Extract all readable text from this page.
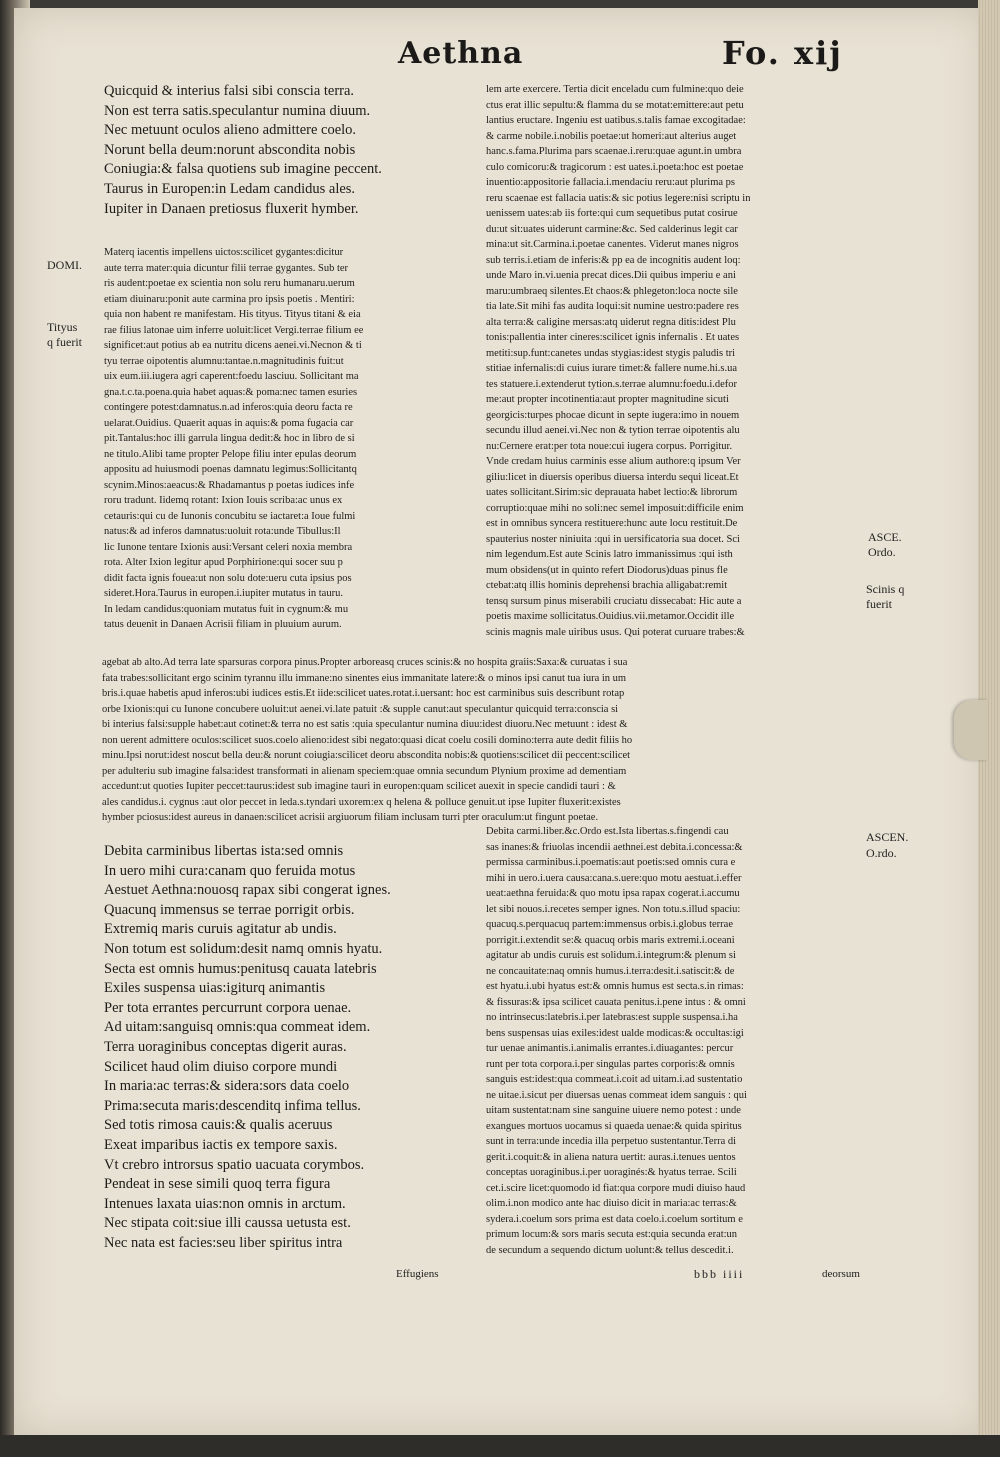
Aethna	Fo. xij
Quicquid & interius falsi sibi conscia terra.
Non est terra satis.speculantur numina diuum.
Nec metuunt oculos alieno admittere coelo.
Norunt bella deum:norunt abscondita nobis
Coniugia:& falsa quotiens sub imagine peccent.
Taurus in Europen:in Ledam candidus ales.
Iupiter in Danaen pretiosus fluxerit hymber.
Materq iacentis impellens uictos:scilicet gygantes:dicitur
aute terra mater:quia dicuntur filii terrae gygantes. Sub ter
ris audent:poetae ex scientia non solu reru humanaru.uerum
etiam diuinaru:ponit aute carmina pro ipsis poetis . Mentiri:
quia non habent re manifestam. His tityus. Tityus titani & eia
rae filius latonae uim inferre uoluit:licet Vergi.terrae filium ee
significet:aut potius ab ea nutritu dicens aenei.vi.Necnon & ti
tyu terrae oipotentis alumnu:tantae.n.magnitudinis fuit:ut
uix eum.iii.iugera agri caperent:foedu lasciuu. Sollicitant ma
gna.t.c.ta.poena.quia habet aquas:& poma:nec tamen esuries
contingere potest:damnatus.n.ad inferos:quia deoru facta re
uelarat.Ouidius. Quaerit aquas in aquis:& poma fugacia car
pit.Tantalus:hoc illi garrula lingua dedit:& hoc in libro de si
ne titulo.Alibi tame propter Pelope filiu inter epulas deorum
appositu ad huiusmodi poenas damnatu legimus:Sollicitantq
scynim.Minos:aeacus:& Rhadamantus p poetas iudices infe
roru tradunt. Iidemq rotant: Ixion Iouis scriba:ac unus ex
cetauris:qui cu de Iunonis concubitu se iactaret:a Ioue fulmi
natus:& ad inferos damnatus:uoluit rota:unde Tibullus:Il
lic Iunone tentare Ixionis ausi:Versant celeri noxia membra
rota. Alter Ixion legitur apud Porphirione:qui socer suu p
didit facta ignis fouea:ut non solu dote:ueru cuta ipsius pos
sideret.Hora.Taurus in europen.i.iupiter mutatus in tauru.
In ledam candidus:quoniam mutatus fuit in cygnum:& mu
tatus deuenit in Danaen Acrisii filiam in pluuium aurum.
lem arte exercere. Tertia dicit enceladu cum fulmine:quo deie
ctus erat illic sepultu:& flamma du se motat:emittere:aut petu
lantius eructare. Ingeniu est uatibus.s.talis famae excogitadae:
& carme nobile.i.nobilis poetae:ut homeri:aut alterius auget
hanc.s.fama.Plurima pars scaenae.i.reru:quae agunt.in umbra
culo comicoru:& tragicorum : est uates.i.poeta:hoc est poetae
inuentio:appositorie fallacia.i.mendaciu reru:aut plurima ps
reru scaenae est fallacia uatis:& sic potius legere:nisi scriptu in
uenissem uates:ab iis forte:qui cum sequetibus putat cosirue
du:ut sit:uates uiderunt carmine:&c. Sed calderinus legit car
mina:ut sit.Carmina.i.poetae canentes. Viderut manes nigros
sub terris.i.etiam de inferis:& pp ea de incognitis audent loq:
unde Maro in.vi.uenia precat dices.Dii quibus imperiu e ani
maru:umbraeq silentes.Et chaos:& phlegeton:loca nocte sile
tia late.Sit mihi fas audita loqui:sit numine uestro:padere res
alta terra:& caligine mersas:atq uiderut regna ditis:idest Plu
tonis:pallentia inter cineres:scilicet ignis infernalis . Et uates
metiti:sup.funt:canetes undas stygias:idest stygis paludis tri
stitiae infernalis:di cuius iurare timet:& fallere nume.hi.s.ua
tes statuere.i.extenderut tytion.s.terrae alumnu:foedu.i.defor
me:aut propter incotinentia:aut propter magnitudine sicuti
georgicis:turpes phocae dicunt in septe iugera:imo in nouem
secundu illud aenei.vi.Nec non & tytion terrae oipotentis alu
nu:Cernere erat:per tota noue:cui iugera corpus. Porrigitur.
Vnde credam huius carminis esse alium authore:q ipsum Ver
giliu:licet in diuersis operibus diuersa interdu sequi liceat.Et
uates sollicitant.Sirim:sic deprauata habet lectio:& librorum
corruptio:quae mihi no soli:nec semel imposuit:difficile enim
est in omnibus syncera restituere:hunc aute locu restituit.De
spauterius noster niniuita :qui in uersificatoria sua docet. Sci
nim legendum.Est aute Scinis latro immanissimus :qui isth
mum obsidens(ut in quinto refert Diodorus)duas pinus fle
ctebat:atq illis hominis deprehensi brachia alligabat:remit
tensq sursum pinus miserabili cruciatu dissecabat: Hic aute a
poetis maxime sollicitatus.Ouidius.vii.metamor.Occidit ille
scinis magnis male uiribus usus. Qui poterat curuare trabes:&
agebat ab alto.Ad terra late sparsuras corpora pinus.Propter arboreasq cruces scinis:& no hospita graiis:Saxa:& curuatas i sua
fata trabes:sollicitant ergo scinim tyrannu illu immane:no sinentes eius immanitate latere:& o minos ipsi canut tua iura in um
bris.i.quae habetis apud inferos:ubi iudices estis.Et iide:scilicet uates.rotat.i.uersant: hoc est carminibus suis describunt rotap
orbe Ixionis:qui cu Iunone concubere uoluit:ut aenei.vi.late patuit :& supple canut:aut speculantur quicquid terra:conscia si
bi interius falsi:supple habet:aut cotinet:& terra no est satis :quia speculantur numina diuu:idest diuoru.Nec metuunt : idest &
non uerent admittere oculos:scilicet suos.coelo alieno:idest sibi negato:quasi dicat coelu cosili domino:terra aute dedit filiis ho
minu.Ipsi norut:idest noscut bella deu:& norunt coiugia:scilicet deoru abscondita nobis:& quotiens:scilicet dii peccent:scilicet
per adulteriu sub imagine falsa:idest transformati in alienam speciem:quae omnia secundum Plynium proxime ad dementiam
accedunt:ut quoties Iupiter peccet:taurus:idest sub imagine tauri in europen:quam scilicet auexit in specie candidi tauri : &
ales candidus.i. cygnus :aut olor peccet in leda.s.tyndari uxorem:ex q helena & polluce genuit.ut ipse Iupiter fluxerit:existes
hymber pciosus:idest aureus in danaen:scilicet acrisii argiuorum filiam inclusam turri pter oraculum:ut fingunt poetae.
Debita carminibus libertas ista:sed omnis
In uero mihi cura:canam quo feruida motus
Aestuet Aethna:nouosq rapax sibi congerat ignes.
Quacunq immensus se terrae porrigit orbis.
Extremiq maris curuis agitatur ab undis.
Non totum est solidum:desit namq omnis hyatu.
Secta est omnis humus:penitusq cauata latebris
Exiles suspensa uias:igiturq animantis
Per tota errantes percurrunt corpora uenae.
Ad uitam:sanguisq omnis:qua commeat idem.
Terra uoraginibus conceptas digerit auras.
Scilicet haud olim diuiso corpore mundi
In maria:ac terras:& sidera:sors data coelo
Prima:secuta maris:descenditq infima tellus.
Sed totis rimosa cauis:& qualis aceruus
Exeat imparibus iactis ex tempore saxis.
Vt crebro introrsus spatio uacuata corymbos.
Pendeat in sese simili quoq terra figura
Intenues laxata uias:non omnis in arctum.
Nec stipata coit:siue illi caussa uetusta est.
Nec nata est facies:seu liber spiritus intra
Debita carmi.liber.&c.Ordo est.Ista libertas.s.fingendi cau
sas inanes:& friuolas incendii aethnei.est debita.i.concessa:&
permissa carminibus.i.poematis:aut poetis:sed omnis cura e
mihi in uero.i.uera causa:cana.s.uere:quo motu aestuat.i.effer
ueat:aethna feruida:& quo motu ipsa rapax cogerat.i.accumu
let sibi nouos.i.recetes semper ignes. Non totu.s.illud spaciu:
quacuq.s.perquacuq partem:immensus orbis.i.globus terrae
porrigit.i.extendit se:& quacuq orbis maris extremi.i.oceani
agitatur ab undis curuis est solidum.i.integrum:& plenum si
ne concauitate:naq omnis humus.i.terra:desit.i.satiscit:& de
est hyatu.i.ubi hyatus est:& omnis humus est secta.s.in rimas:
& fissuras:& ipsa scilicet cauata penitus.i.pene intus : & omni
no intrinsecus:latebris.i.per latebras:est supple suspensa.i.ha
bens suspensas uias exiles:idest ualde modicas:& occultas:igi
tur uenae animantis.i.animalis errantes.i.diuagantes: percur
runt per tota corpora.i.per singulas partes corporis:& omnis
sanguis est:idest:qua commeat.i.coit ad uitam.i.ad sustentatio
ne uitae.i.sicut per diuersas uenas commeat idem sanguis : qui
uitam sustentat:nam sine sanguine uiuere nemo potest : unde
exangues mortuos uocamus si quaeda uenae:& quida spiritus
sunt in terra:unde incedia illa perpetuo sustentantur.Terra di
gerit.i.coquit:& in aliena natura uertit: auras.i.tenues uentos
conceptas uoraginibus.i.per uoraginés:& hyatus terrae. Scili
cet.i.scire licet:quomodo id fiat:qua corpore mudi diuiso haud
olim.i.non modico ante hac diuiso dicit in maria:ac terras:&
sydera.i.coelum sors prima est data coelo.i.coelum sortitum e
primum locum:& sors maris secuta est:quia secunda erat:un
de secundum a sequendo dictum uolunt:& tellus descedit.i.
DOMI.
Tityus
q fuerit
ASCE.
Ordo.
Scinis q
fuerit
ASCEN.
O.rdo.
Effugiens	bbb iiii	deorsum
